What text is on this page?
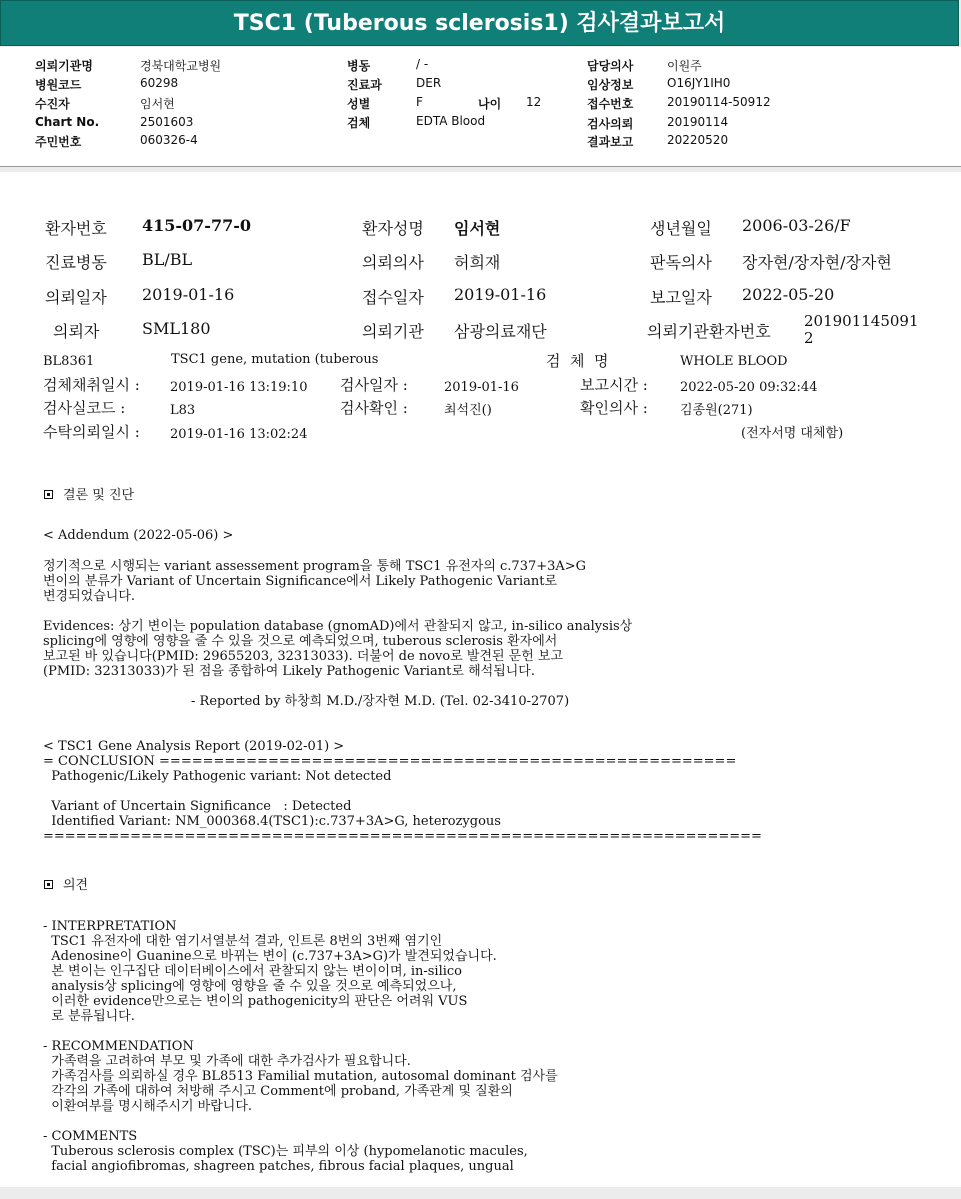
TSC1 (Tuberous sclerosis1) 검사결과보고서
의뢰기관명	경북대학교병원
병원코드	60298
수진자	임서현
Chart No.	2501603
주민번호	060326-4
병동	/ -
진료과	DER
성별	F	나이 12
검체	EDTA Blood
담당의사	이원주
임상정보	O16JY1IH0
접수번호	20190114-50912
검사의뢰	20190114
결과보고	20220520
환자번호 415-07-77-0	환자성명 임서현	생년월일 2006-03-26/F
진료병동 BL/BL	의뢰의사 허희재	판독의사 장자현/장자현/장자현
의뢰일자 2019-01-16	접수일자 2019-01-16	보고일자 2022-05-20
의뢰자	SML180	의뢰기관 삼광의료재단	의뢰기관환자번호
201901145091
2
BL8361	TSC1 gene, mutation (tuberous	검  체  명	WHOLE BLOOD
검체채취일시 : 2019-01-16 13:19:10 검사일자 :	2019-01-16	보고시간 : 2022-05-20 09:32:44
검사실코드 :	L83	검사확인 :	최석진()	확인의사 : 김종원(271)
수탁의뢰일시 : 2019-01-16 13:02:24	(전자서명 대체함)
결론 및 진단
< Addendum (2022-05-06) >
정기적으로 시행되는 variant assessement program을 통해 TSC1 유전자의 c.737+3A>G
변이의 분류가 Variant of Uncertain Significance에서 Likely Pathogenic Variant로
변경되었습니다.
Evidences: 상기 변이는 population database (gnomAD)에서 관찰되지 않고, in-silico analysis상
splicing에 영향에 영향을 줄 수 있을 것으로 예측되었으며, tuberous sclerosis 환자에서
보고된 바 있습니다(PMID: 29655203, 32313033). 더불어 de novo로 발견된 문헌 보고
(PMID: 32313033)가 된 점을 종합하여 Likely Pathogenic Variant로 해석됩니다.
- Reported by 하창희 M.D./장자현 M.D. (Tel. 02-3410-2707)
< TSC1 Gene Analysis Report (2019-02-01) >
= CONCLUSION =====================================================
Pathogenic/Likely Pathogenic variant: Not detected

Variant of Uncertain Significance   : Detected
Identified Variant: NM_000368.4(TSC1):c.737+3A>G, heterozygous
==================================================================
의견
- INTERPRETATION
TSC1 유전자에 대한 염기서열분석 결과, 인트론 8번의 3번째 염기인
Adenosine이 Guanine으로 바뀌는 변이 (c.737+3A>G)가 발견되었습니다.
본 변이는 인구집단 데이터베이스에서 관찰되지 않는 변이이며, in-silico
analysis상 splicing에 영향에 영향을 줄 수 있을 것으로 예측되었으나,
이러한 evidence만으로는 변이의 pathogenicity의 판단은 어려워 VUS
로 분류됩니다.

- RECOMMENDATION
가족력을 고려하여 부모 및 가족에 대한 추가검사가 필요합니다.
가족검사를 의뢰하실 경우 BL8513 Familial mutation, autosomal dominant 검사를
각각의 가족에 대하여 처방해 주시고 Comment에 proband, 가족관계 및 질환의
이환여부를 명시해주시기 바랍니다.

- COMMENTS
Tuberous sclerosis complex (TSC)는 피부의 이상 (hypomelanotic macules,
facial angiofibromas, shagreen patches, fibrous facial plaques, ungual
